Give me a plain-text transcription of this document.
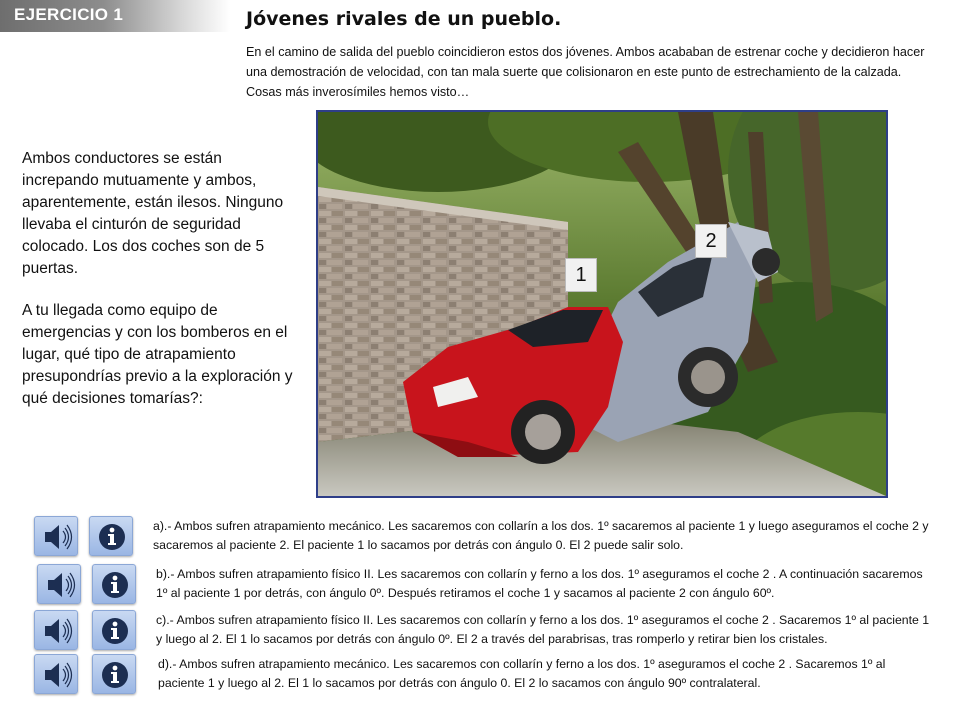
EJERCICIO 1	Jóvenes rivales de un pueblo.
En el camino de salida del pueblo coincidieron estos dos jóvenes. Ambos acababan de estrenar coche y decidieron hacer una demostración de velocidad, con tan mala suerte que colisionaron en este punto de estrechamiento de la calzada. Cosas más inverosímiles hemos visto…

Ambos conductores se están increpando mutuamente y ambos, aparentemente, están ilesos. Ninguno llevaba el cinturón de seguridad colocado. Los dos coches son de 5 puertas.

A tu llegada como equipo de emergencias y con los bomberos en el lugar, qué tipo de atrapamiento presupondrías previo a la exploración y qué decisiones tomarías?:

1
2
a).- Ambos sufren atrapamiento mecánico. Les sacaremos con collarín a los dos. 1º sacaremos al paciente 1 y luego aseguramos el coche 2 y sacaremos al paciente 2. El paciente 1 lo sacamos por detrás con ángulo 0. El 2 puede salir solo.
b).- Ambos sufren atrapamiento físico II. Les sacaremos con collarín y ferno a los dos. 1º aseguramos el coche 2 . A continuación sacaremos 1º al paciente 1 por detrás, con ángulo 0º. Después retiramos el coche 1 y sacamos al paciente 2 con ángulo 60º.
c).- Ambos sufren atrapamiento físico II. Les sacaremos con collarín y ferno a los dos. 1º aseguramos el coche 2 . Sacaremos 1º al paciente 1 y luego al 2. El 1 lo sacamos por detrás con ángulo 0º. El 2 a través del parabrisas, tras romperlo y retirar bien los cristales.
d).- Ambos sufren atrapamiento mecánico. Les sacaremos con collarín y ferno a los dos. 1º aseguramos el coche 2 . Sacaremos 1º al paciente 1 y luego al 2. El 1 lo sacamos por detrás con ángulo 0. El 2 lo sacamos con ángulo 90º contralateral.
